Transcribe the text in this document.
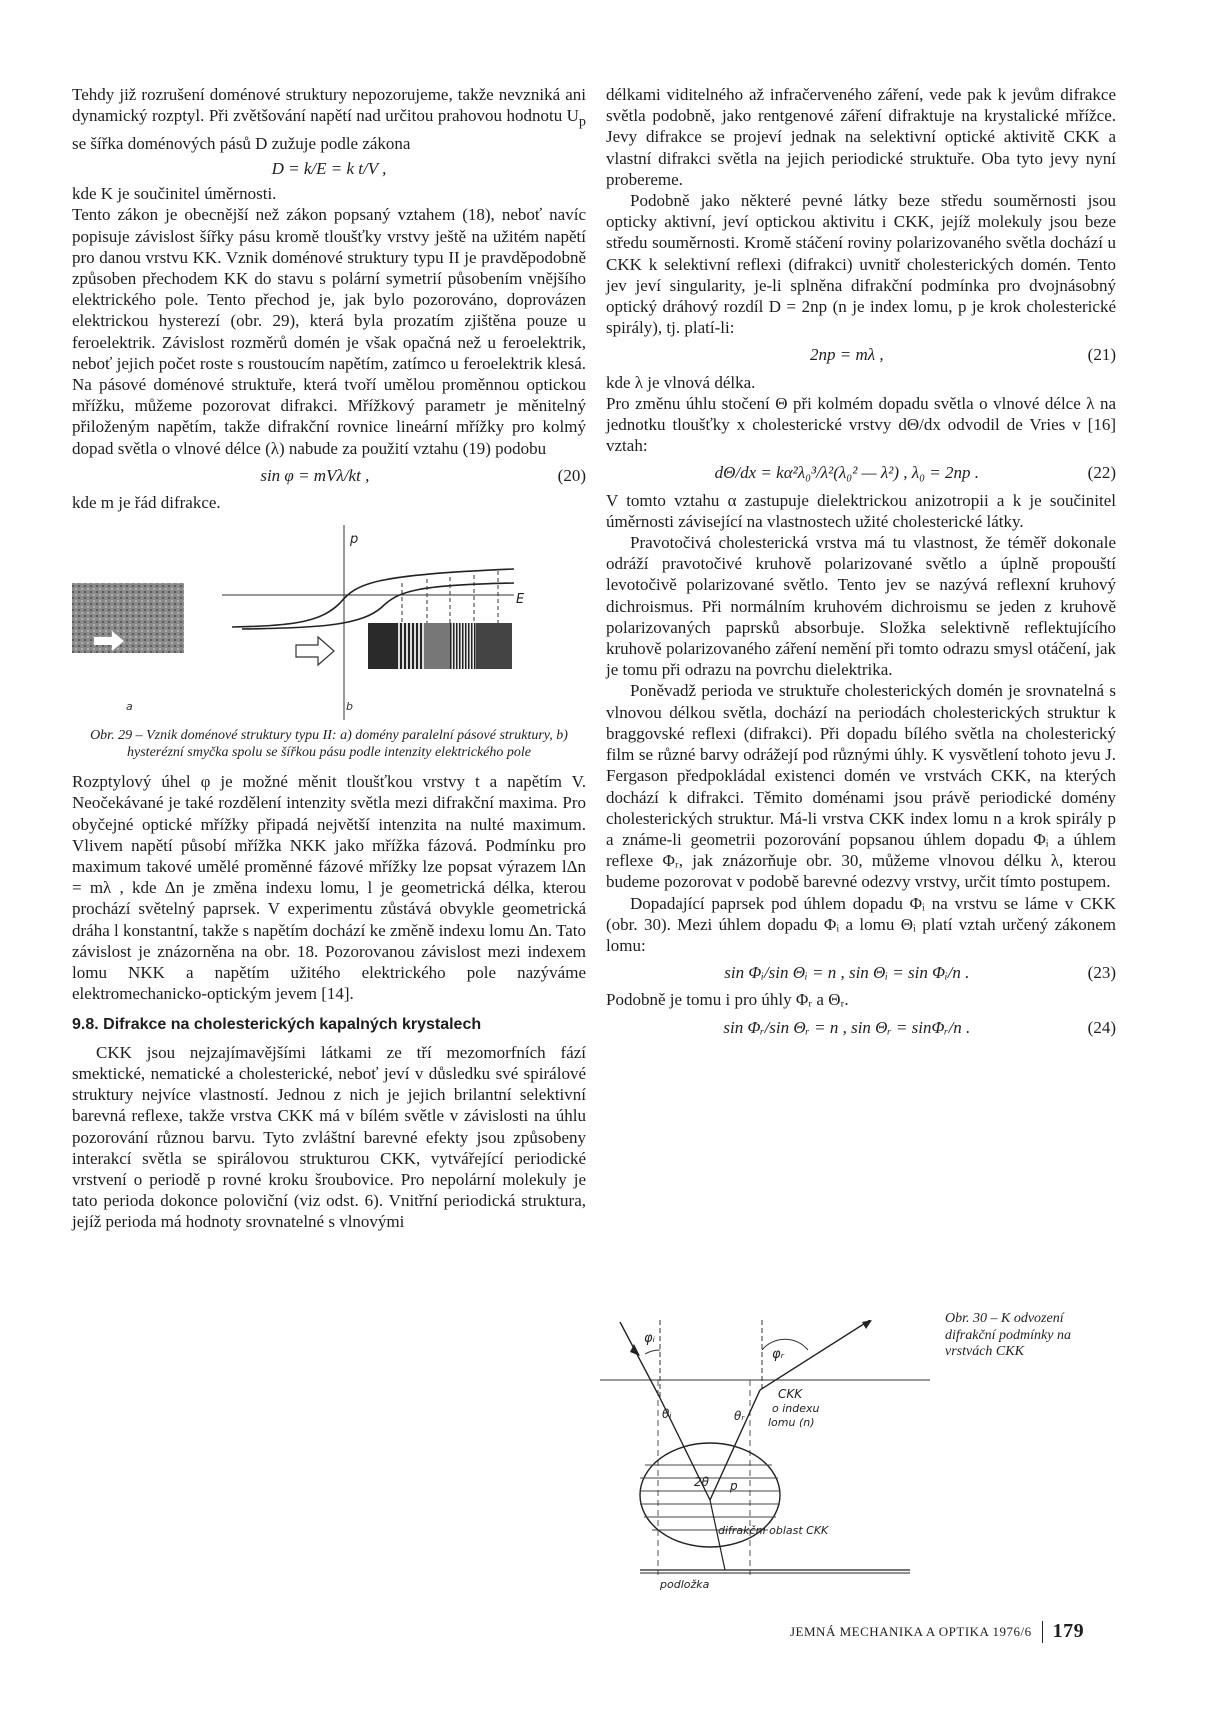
Tehdy již rozrušení doménové struktury nepozorujeme, takže nevzniká ani dynamický rozptyl. Při zvětšování napětí nad určitou prahovou hodnotu $U_p$ se šířka doménových pásů D zužuje podle zákona

D = k/E = k t/V ,

kde K je součinitel úměrnosti.

Tento zákon je obecnější než zákon popsaný vztahem (18), neboť navíc popisuje závislost šířky pásu kromě tloušťky vrstvy ještě na užitém napětí pro danou vrstvu KK. Vznik doménové struktury typu II je pravděpodobně způsoben přechodem KK do stavu s polární symetrií působením vnějšího elektrického pole. Tento přechod je, jak bylo pozorováno, doprovázen elektrickou hysterezí (obr. 29), která byla prozatím zjištěna pouze u feroelektrik. Závislost rozměrů domén je však opačná než u feroelektrik, neboť jejich počet roste s roustoucím napětím, zatímco u feroelektrik klesá. Na pásové doménové struktuře, která tvoří umělou proměnnou optickou mřížku, můžeme pozorovat difrakci. Mřížkový parametr je měnitelný přiloženým napětím, takže difrakční rovnice lineární mřížky pro kolmý dopad světla o vlnové délce (λ) nabude za použití vztahu (19) podobu

sin φ = mVλ/kt ,	(20)

kde m je řád difrakce.

p
E
a	b
Obr. 29 – Vznik doménové struktury typu II: a) domény paralelní pásové struktury, b) hysterézní smyčka spolu se šířkou pásu podle intenzity elektrického pole

Rozptylový úhel φ je možné měnit tloušťkou vrstvy t a napětím V. Neočekávané je také rozdělení intenzity světla mezi difrakční maxima. Pro obyčejné optické mřížky připadá největší intenzita na nulté maximum. Vlivem napětí působí mřížka NKK jako mřížka fázová. Podmínku pro maximum takové umělé proměnné fázové mřížky lze popsat výrazem lΔn = mλ , kde Δn je změna indexu lomu, l je geometrická délka, kterou prochází světelný paprsek. V experimentu zůstává obvykle geometrická dráha l konstantní, takže s napětím dochází ke změně indexu lomu Δn. Tato závislost je znázorněna na obr. 18. Pozorovanou závislost mezi indexem lomu NKK a napětím užitého elektrického pole nazýváme elektromechanicko-optickým jevem [14].

9.8. Difrakce na cholesterických kapalných krystalech

CKK jsou nejzajímavějšími látkami ze tří mezomorfních fází smektické, nematické a cholesterické, neboť jeví v důsledku své spirálové struktury nejvíce vlastností. Jednou z nich je jejich brilantní selektivní barevná reflexe, takže vrstva CKK má v bílém světle v závislosti na úhlu pozorování různou barvu. Tyto zvláštní barevné efekty jsou způsobeny interakcí světla se spirálovou strukturou CKK, vytvářející periodické vrstvení o periodě p rovné kroku šroubovice. Pro nepolární molekuly je tato perioda dokonce poloviční (viz odst. 6). Vnitřní periodická struktura, jejíž perioda má hodnoty srovnatelné s vlnovými

délkami viditelného až infračerveného záření, vede pak k jevům difrakce světla podobně, jako rentgenové záření difraktuje na krystalické mřížce. Jevy difrakce se projeví jednak na selektivní optické aktivitě CKK a vlastní difrakci světla na jejich periodické struktuře. Oba tyto jevy nyní probereme.

Podobně jako některé pevné látky beze středu souměrnosti jsou opticky aktivní, jeví optickou aktivitu i CKK, jejíž molekuly jsou beze středu souměrnosti. Kromě stáčení roviny polarizovaného světla dochází u CKK k selektivní reflexi (difrakci) uvnitř cholesterických domén. Tento jev jeví singularity, je-li splněna difrakční podmínka pro dvojnásobný optický dráhový rozdíl D = 2np (n je index lomu, p je krok cholesterické spirály), tj. platí-li:

2np = mλ ,	(21)

kde λ je vlnová délka.

Pro změnu úhlu stočení Θ při kolmém dopadu světla o vlnové délce λ na jednotku tloušťky x cholesterické vrstvy dΘ/dx odvodil de Vries v [16] vztah:

dΘ/dx = kα²λ₀³/λ²(λ₀² — λ²) , λ₀ = 2np .	(22)

V tomto vztahu α zastupuje dielektrickou anizotropii a k je součinitel úměrnosti závisející na vlastnostech užité cholesterické látky.

Pravotočivá cholesterická vrstva má tu vlastnost, že téměř dokonale odráží pravotočivé kruhově polarizované světlo a úplně propouští levotočivě polarizované světlo. Tento jev se nazývá reflexní kruhový dichroismus. Při normálním kruhovém dichroismu se jeden z kruhově polarizovaných paprsků absorbuje. Složka selektivně reflektujícího kruhově polarizovaného záření nemění při tomto odrazu smysl otáčení, jak je tomu při odrazu na povrchu dielektrika.

Poněvadž perioda ve struktuře cholesterických domén je srovnatelná s vlnovou délkou světla, dochází na periodách cholesterických struktur k braggovské reflexi (difrakci). Při dopadu bílého světla na cholesterický film se různé barvy odrážejí pod různými úhly. K vysvětlení tohoto jevu J. Fergason předpokládal existenci domén ve vrstvách CKK, na kterých dochází k difrakci. Těmito doménami jsou právě periodické domény cholesterických struktur. Má-li vrstva CKK index lomu n a krok spirály p a známe-li geometrii pozorování popsanou úhlem dopadu Φᵢ a úhlem reflexe Φᵣ, jak znázorňuje obr. 30, můžeme vlnovou délku λ, kterou budeme pozorovat v podobě barevné odezvy vrstvy, určit tímto postupem.

Dopadající paprsek pod úhlem dopadu Φᵢ na vrstvu se láme v CKK (obr. 30). Mezi úhlem dopadu Φᵢ a lomu Θᵢ platí vztah určený zákonem lomu:

sin Φᵢ/sin Θᵢ = n , sin Θᵢ = sin Φᵢ/n .	(23)

Podobně je tomu i pro úhly Φᵣ a Θᵣ.

sin Φᵣ/sin Θᵣ = n , sin Θᵣ = sinΦᵣ/n .	(24)
φᵢ
φᵣ
θᵢ	θᵣ
CKK
o indexu
lomu (n)
2θ p
difrakční oblast CKK
podložka
Obr. 30 – K odvození difrakční podmínky na vrstvách CKK
JEMNÁ MECHANIKA A OPTIKA 1976/6 179
